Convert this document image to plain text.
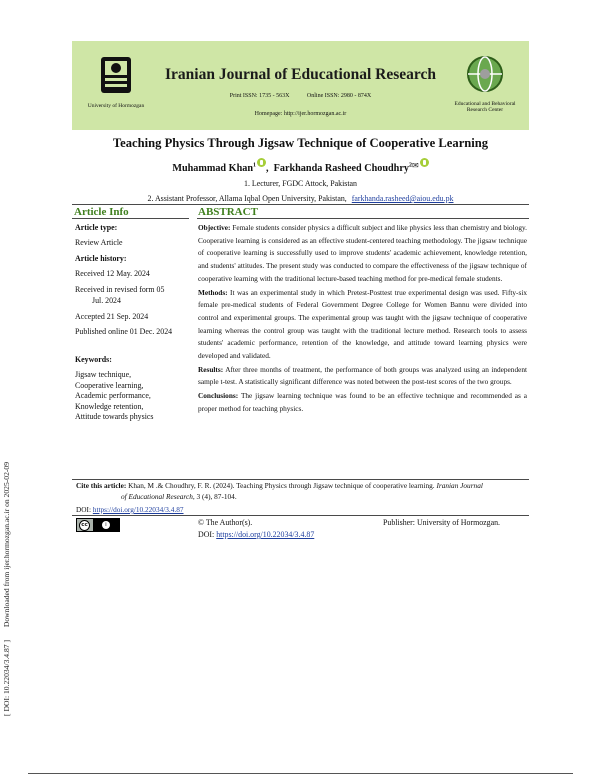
Downloaded from ijer.hormozgan.ac.ir on 2025-02-09
[ DOI: 10.22034/3.4.87 ]
University of Hormozgan
Iranian Journal of Educational Research
Print ISSN: 1735 - 563X	Online ISSN: 2980 - 874X
Homepage: http://ijer.hormozgan.ac.ir
Educational and Behavioral Research Center
Teaching Physics Through Jigsaw Technique of Cooperative Learning
Muhammad Khan$^1$ ,  Farkhanda Rasheed Choudhry$^{2✉}$
1. Lecturer, FGDC Attock, Pakistan
2. Assistant Professor, Allama Iqbal Open University, Pakistan, farkhanda.rasheed@aiou.edu.pk
Article Info	ABSTRACT
Article type:
Review Article
Article history:
Received 12 May. 2024
Received in revised form 05
Jul. 2024
Accepted 21 Sep. 2024
Published online 01 Dec. 2024
Keywords:
Jigsaw technique,
Cooperative learning,
Academic performance,
Knowledge retention,
Attitude towards physics

Objective: Female students consider physics a difficult subject and like physics less than chemistry and biology. Cooperative learning is considered as an effective student-centered teaching methodology. The jigsaw technique of cooperative learning is successfully used to improve students' academic achievement, knowledge retention, and students' attitudes. The present study was conducted to compare the effectiveness of the jigsaw technique of cooperative learning with the traditional lecture-based teaching method for pre-medical female students.

Methods: It was an experimental study in which Pretest-Posttest true experimental design was used. Fifty-six female pre-medical students of Federal Government Degree College for Women Bannu were divided into control and experimental groups. The experimental group was taught with the jigsaw technique of cooperative learning whereas the control group was taught with the traditional lecture method. Research tools to assess students' academic performance, retention of the knowledge, and attitude toward learning physics were developed and validated.

Results: After three months of treatment, the performance of both groups was analyzed using an independent sample t-test. A statistically significant difference was noted between the post-test scores of the two groups.

Conclusions: The jigsaw learning technique was found to be an effective technique and recommended as a proper method for teaching physics.

Cite this article: Khan, M .& Choudhry, F. R. (2024). Teaching Physics through Jigsaw technique of cooperative learning. Iranian Journal
of Educational Research, 3 (4), 87-104.
DOI: https://doi.org/10.22034/3.4.87
cc	i	© The Author(s).	Publisher: University of Hormozgan.
DOI: https://doi.org/10.22034/3.4.87
